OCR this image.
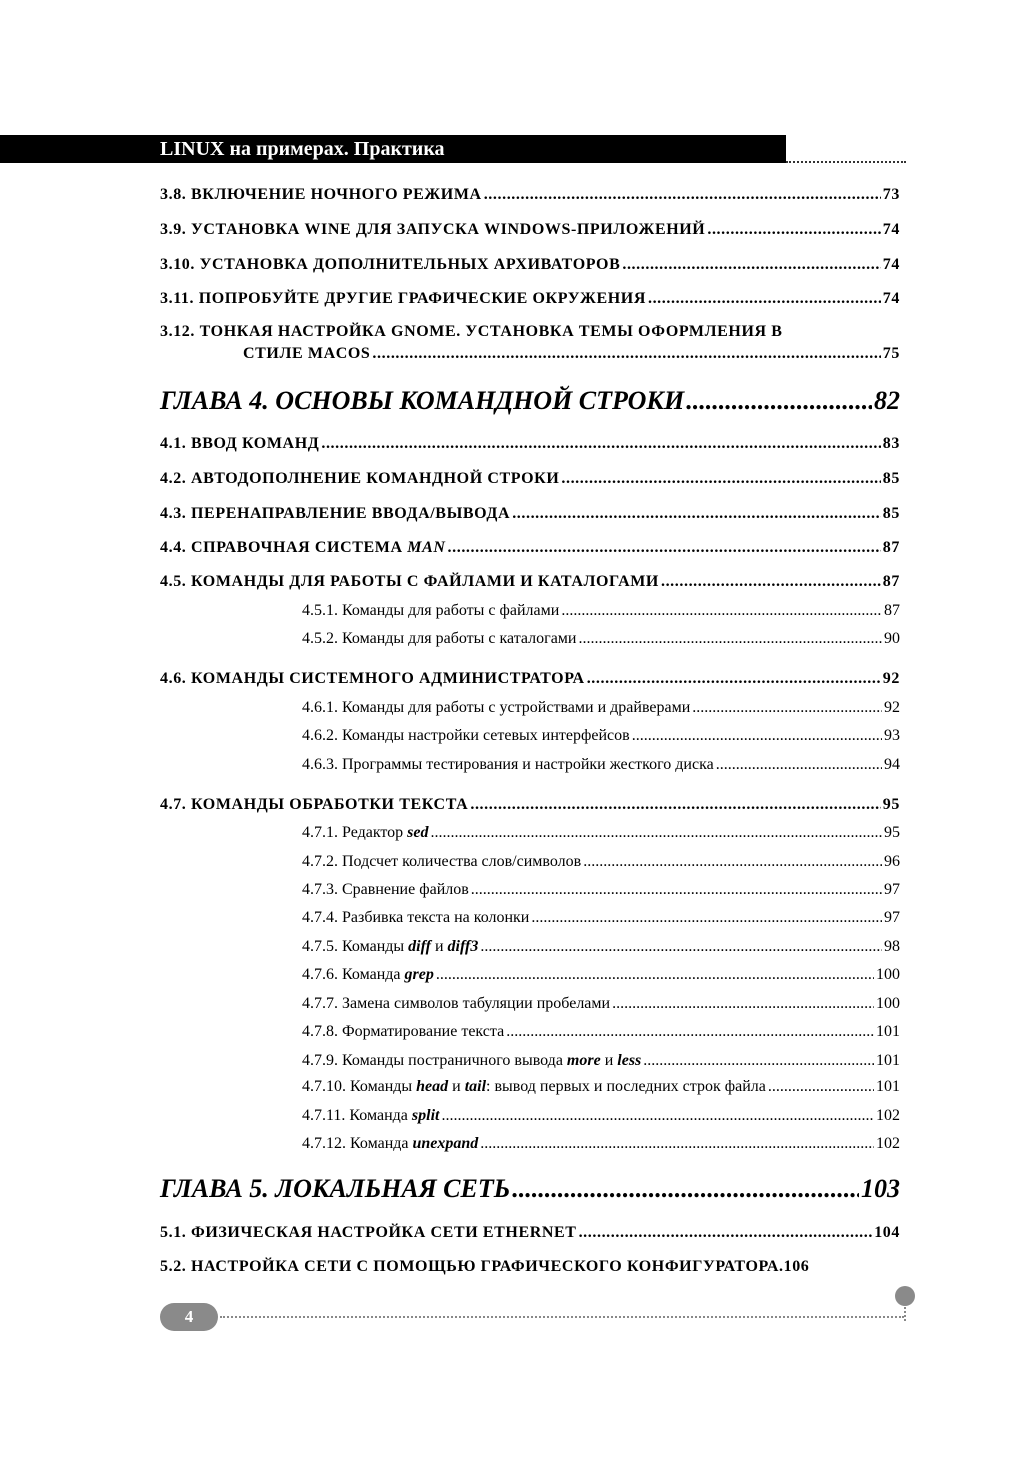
LINUX на примерах. Практика
3.8. ВКЛЮЧЕНИЕ НОЧНОГО РЕЖИМА .....	73
3.9. УСТАНОВКА WINE ДЛЯ ЗАПУСКА WINDOWS-ПРИЛОЖЕНИЙ .....	74
3.10. УСТАНОВКА ДОПОЛНИТЕЛЬНЫХ АРХИВАТОРОВ .....	74
3.11. ПОПРОБУЙТЕ ДРУГИЕ ГРАФИЧЕСКИЕ ОКРУЖЕНИЯ .....	74
3.12. ТОНКАЯ НАСТРОЙКА GNOME. УСТАНОВКА ТЕМЫ ОФОРМЛЕНИЯ В
СТИЛЕ MACOS .....	75
ГЛАВА 4. ОСНОВЫ КОМАНДНОЙ СТРОКИ .....	82
4.1. ВВОД КОМАНД .....	83
4.2. АВТОДОПОЛНЕНИЕ КОМАНДНОЙ СТРОКИ .....	85
4.3. ПЕРЕНАПРАВЛЕНИЕ ВВОДА/ВЫВОДА .....	85
4.4. СПРАВОЧНАЯ СИСТЕМА MAN .....	87
4.5. КОМАНДЫ ДЛЯ РАБОТЫ С ФАЙЛАМИ И КАТАЛОГАМИ .....	87
4.5.1. Команды для работы с файлами .....	87
4.5.2. Команды для работы с каталогами .....	90
4.6. КОМАНДЫ СИСТЕМНОГО АДМИНИСТРАТОРА .....	92
4.6.1. Команды для работы с устройствами и драйверами .....	92
4.6.2. Команды настройки сетевых интерфейсов .....	93
4.6.3. Программы тестирования и настройки жесткого диска .....	94
4.7. КОМАНДЫ ОБРАБОТКИ ТЕКСТА .....	95
4.7.1. Редактор sed .....	95
4.7.2. Подсчет количества слов/символов .....	96
4.7.3. Сравнение файлов .....	97
4.7.4. Разбивка текста на колонки .....	97
4.7.5. Команды diff и diff3 .....	98
4.7.6. Команда grep .....	100
4.7.7. Замена символов табуляции пробелами .....	100
4.7.8. Форматирование текста .....	101
4.7.9. Команды постраничного вывода more и less .....	101
4.7.10. Команды head и tail: вывод первых и последних строк файла .....	101
4.7.11. Команда split .....	102
4.7.12. Команда unexpand .....	102
ГЛАВА 5. ЛОКАЛЬНАЯ СЕТЬ .....	103
5.1. ФИЗИЧЕСКАЯ НАСТРОЙКА СЕТИ ETHERNET .....	104
5.2. НАСТРОЙКА СЕТИ С ПОМОЩЬЮ ГРАФИЧЕСКОГО КОНФИГУРАТОРА. 106
4
